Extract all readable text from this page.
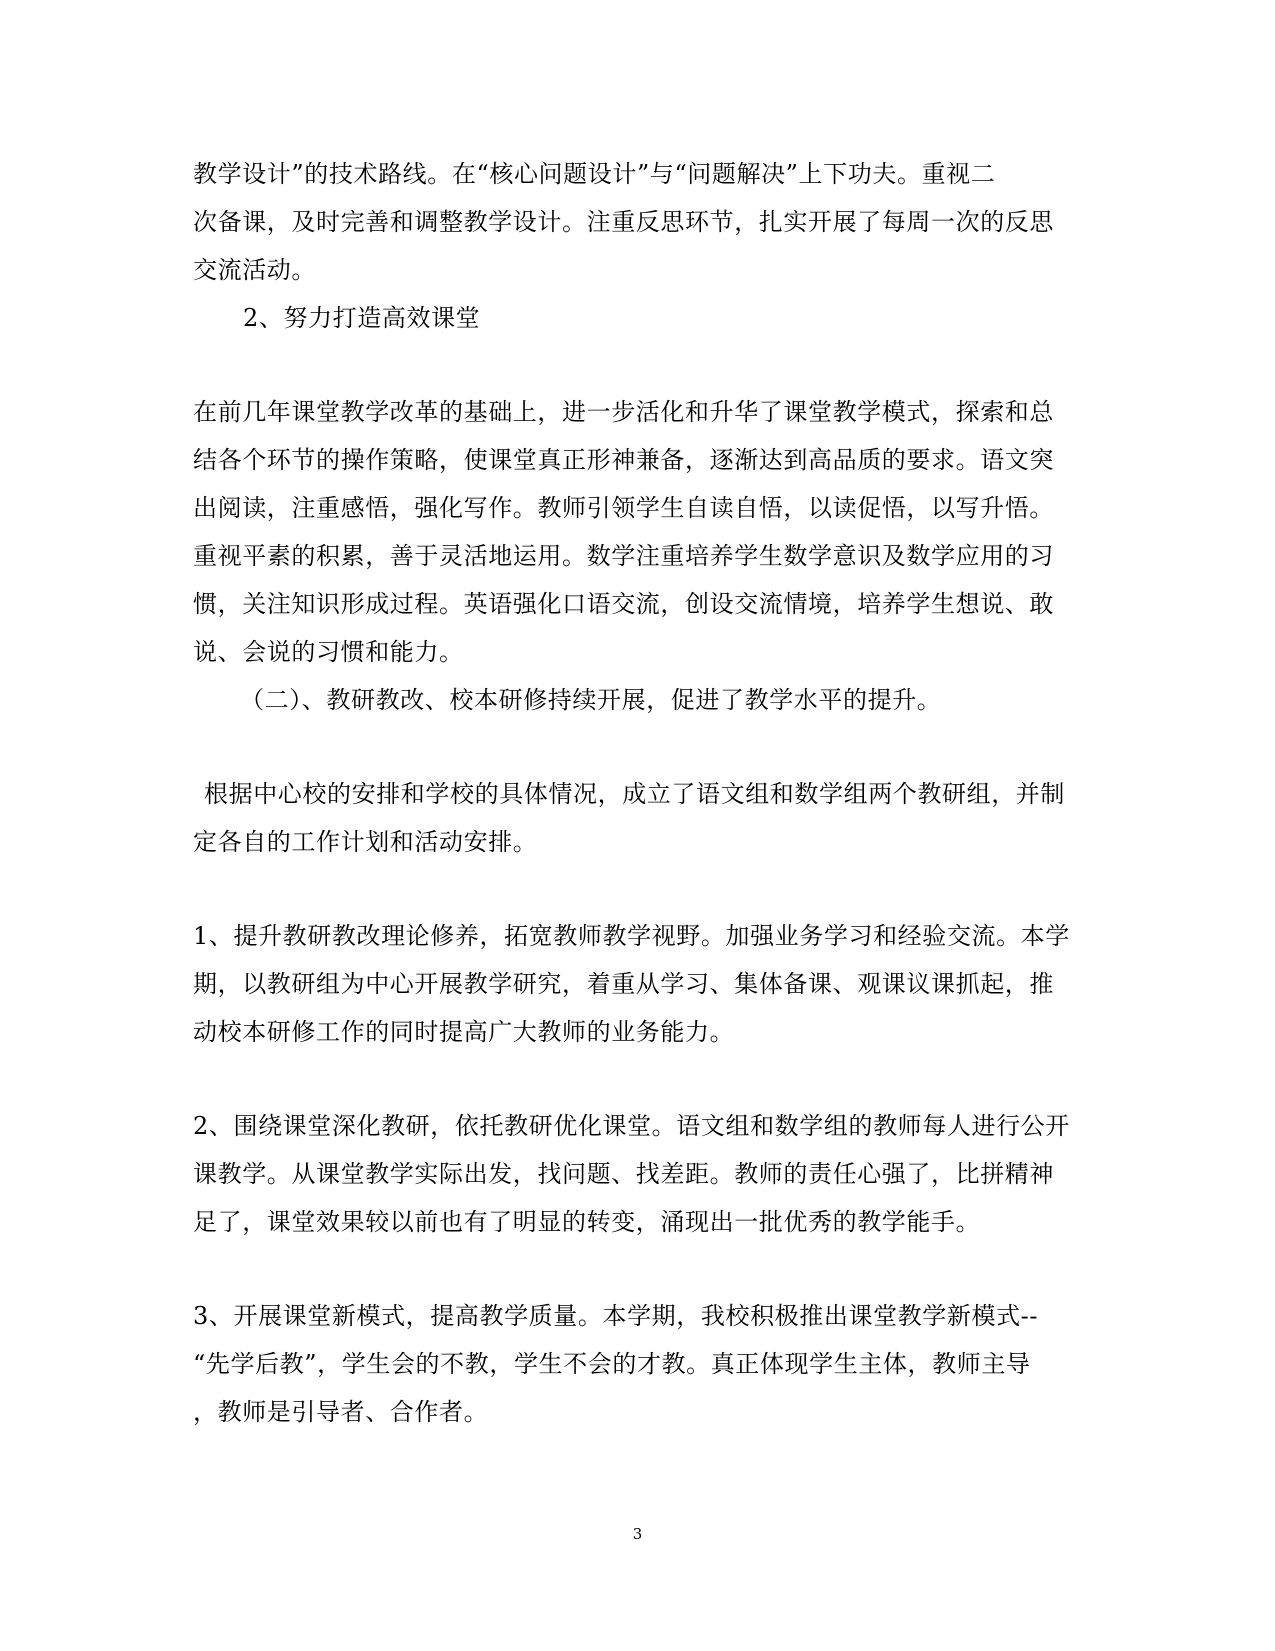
教学设计”的技术路线。在“核心问题设计”与“问题解决”上下功夫。重视二
次备课，及时完善和调整教学设计。注重反思环节，扎实开展了每周一次的反思
交流活动。
2、努力打造高效课堂
在前几年课堂教学改革的基础上，进一步活化和升华了课堂教学模式，探索和总
结各个环节的操作策略，使课堂真正形神兼备，逐渐达到高品质的要求。语文突
出阅读，注重感悟，强化写作。教师引领学生自读自悟，以读促悟，以写升悟。
重视平素的积累，善于灵活地运用。数学注重培养学生数学意识及数学应用的习
惯，关注知识形成过程。英语强化口语交流，创设交流情境，培养学生想说、敢
说、会说的习惯和能力。
（二）、教研教改、校本研修持续开展，促进了教学水平的提升。
根据中心校的安排和学校的具体情况，成立了语文组和数学组两个教研组，并制
定各自的工作计划和活动安排。
1、提升教研教改理论修养，拓宽教师教学视野。加强业务学习和经验交流。本学
期，以教研组为中心开展教学研究，着重从学习、集体备课、观课议课抓起，推
动校本研修工作的同时提高广大教师的业务能力。
2、围绕课堂深化教研，依托教研优化课堂。语文组和数学组的教师每人进行公开
课教学。从课堂教学实际出发，找问题、找差距。教师的责任心强了，比拼精神
足了，课堂效果较以前也有了明显的转变，涌现出一批优秀的教学能手。
3、开展课堂新模式，提高教学质量。本学期，我校积极推出课堂教学新模式--
“先学后教”，学生会的不教，学生不会的才教。真正体现学生主体，教师主导
，教师是引导者、合作者。
3
